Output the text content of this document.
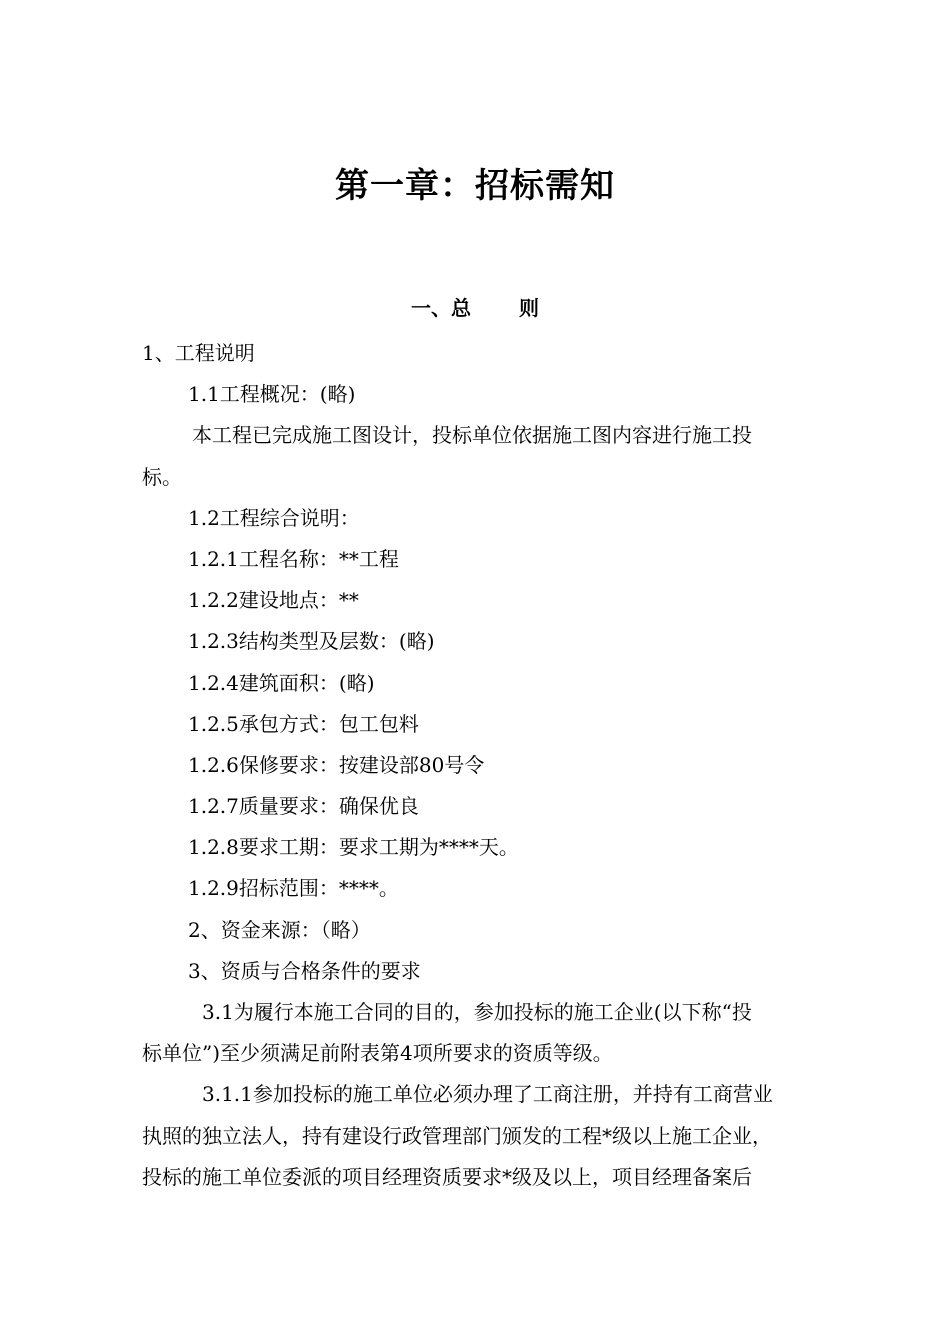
第一章：招标需知
一、总 则

1、工程说明

1.1工程概况：(略)

本工程已完成施工图设计，投标单位依据施工图内容进行施工投

标。

1.2工程综合说明：

1.2.1工程名称：**工程

1.2.2建设地点：**

1.2.3结构类型及层数：(略)

1.2.4建筑面积：(略)

1.2.5承包方式：包工包料

1.2.6保修要求：按建设部80号令

1.2.7质量要求：确保优良

1.2.8要求工期：要求工期为****天。

1.2.9招标范围：****。

2、资金来源：（略）

3、资质与合格条件的要求

3.1为履行本施工合同的目的，参加投标的施工企业(以下称“投

标单位”)至少须满足前附表第4项所要求的资质等级。

3.1.1参加投标的施工单位必须办理了工商注册，并持有工商营业

执照的独立法人，持有建设行政管理部门颁发的工程*级以上施工企业，

投标的施工单位委派的项目经理资质要求*级及以上，项目经理备案后
